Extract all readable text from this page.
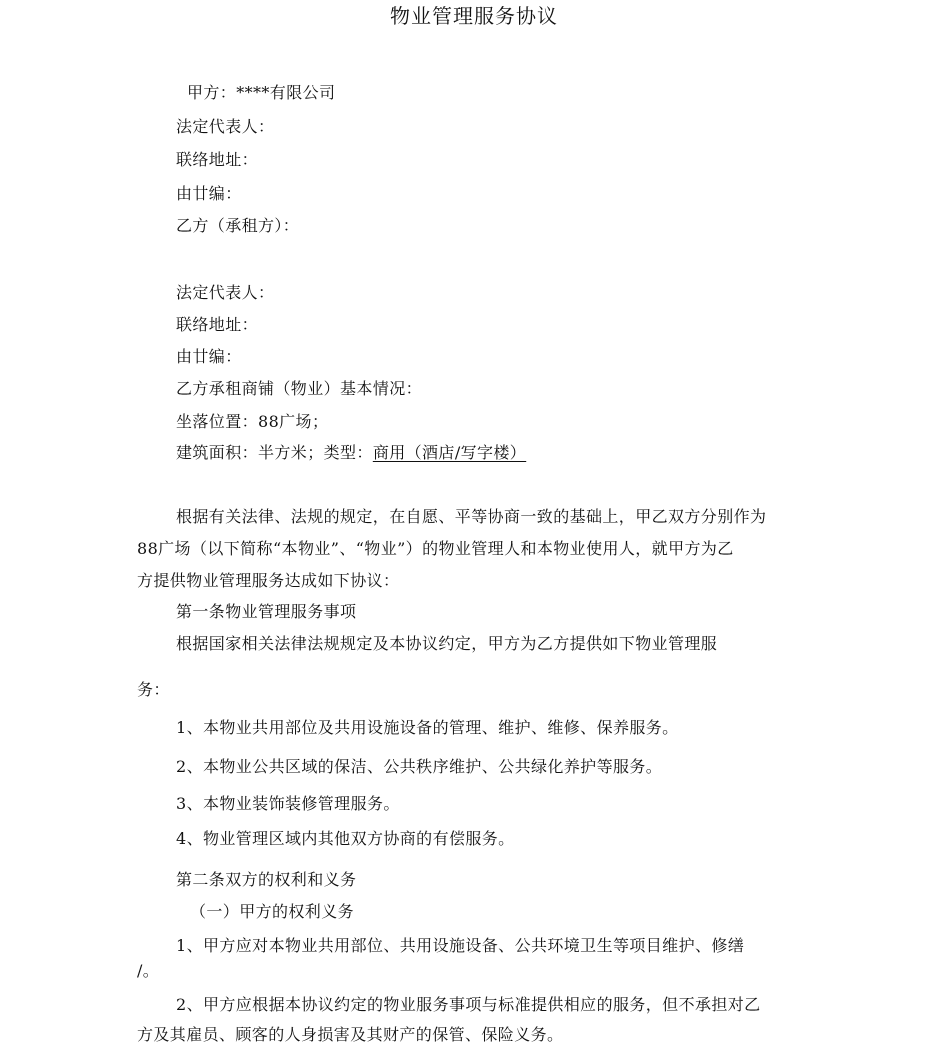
物业管理服务协议
甲方：****有限公司
法定代表人：
联络地址：
由廿编：
乙方（承租方）：
法定代表人：
联络地址：
由廿编：
乙方承租商铺（物业）基本情况：
坐落位置：88广场；
建筑面积：半方米；类型：商用（酒店/写字楼）
根据有关法律、法规的规定，在自愿、平等协商一致的基础上，甲乙双方分别作为
88广场（以下简称“本物业”、“物业”）的物业管理人和本物业使用人，就甲方为乙
方提供物业管理服务达成如下协议：
第一条物业管理服务事项
根据国家相关法律法规规定及本协议约定，甲方为乙方提供如下物业管理服
务：
1、本物业共用部位及共用设施设备的管理、维护、维修、保养服务。
2、本物业公共区域的保洁、公共秩序维护、公共绿化养护等服务。
3、本物业装饰装修管理服务。
4、物业管理区域内其他双方协商的有偿服务。
第二条双方的权利和义务
（一）甲方的权利义务
1、甲方应对本物业共用部位、共用设施设备、公共环境卫生等项目维护、修缮
/。
2、甲方应根据本协议约定的物业服务事项与标准提供相应的服务，但不承担对乙
方及其雇员、顾客的人身损害及其财产的保管、保险义务。
